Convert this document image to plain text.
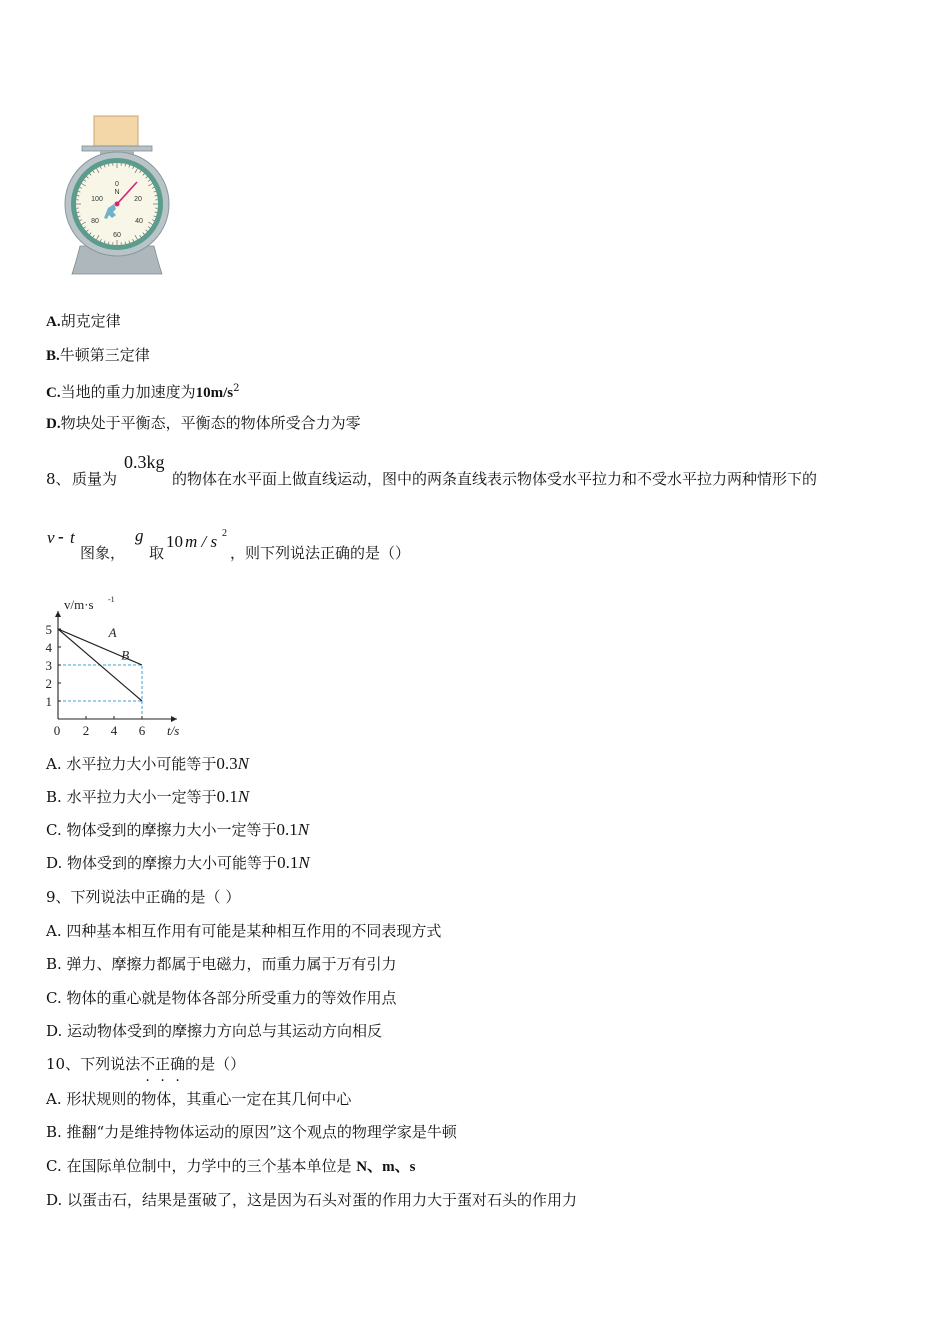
0
N
20
40
60
80
100
A.胡克定律
B.牛顿第三定律
C.当地的重力加速度为$10m/s^2$
D.物块处于平衡态，平衡态的物体所受合力为零
8、 质量为
0.3kg
的物体在水平面上做直线运动，图中的两条直线表示物体受水平拉力和不受水平拉力两种情形下的
v - t
图象，
g
取
10 m / s 2
，则下列说法正确的是（）
A
B
0 2 4 6
1
2
3
4
5
v/m·s -1
t/s
A. 水平拉力大小可能等于0.3N
B. 水平拉力大小一定等于0.1N
C. 物体受到的摩擦力大小一定等于0.1N
D. 物体受到的摩擦力大小可能等于0.1N
9、下列说法中正确的是（ ）
A. 四种基本相互作用有可能是某种相互作用的不同表现方式
B. 弹力、摩擦力都属于电磁力，而重力属于万有引力
C. 物体的重心就是物体各部分所受重力的等效作用点
D. 运动物体受到的摩擦力方向总与其运动方向相反
10、下列说法不正确的是（）
A. 形状规则的物体，其重心一定在其几何中心
B. 推翻“力是维持物体运动的原因”这个观点的物理学家是牛顿
C. 在国际单位制中，力学中的三个基本单位是 N、m、s
D. 以蛋击石，结果是蛋破了，这是因为石头对蛋的作用力大于蛋对石头的作用力
